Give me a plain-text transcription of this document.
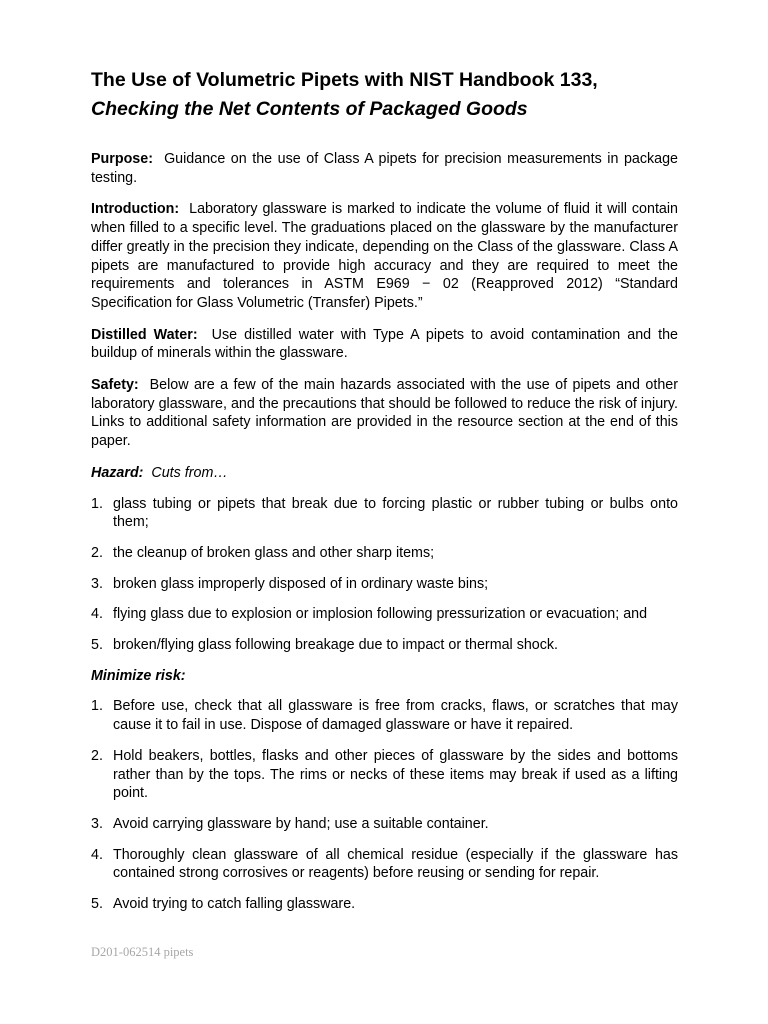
The Use of Volumetric Pipets with NIST Handbook 133,
Checking the Net Contents of Packaged Goods

Purpose: Guidance on the use of Class A pipets for precision measurements in package testing.

Introduction: Laboratory glassware is marked to indicate the volume of fluid it will contain when filled to a specific level. The graduations placed on the glassware by the manufacturer differ greatly in the precision they indicate, depending on the Class of the glassware. Class A pipets are manufactured to provide high accuracy and they are required to meet the requirements and tolerances in ASTM E969 − 02 (Reapproved 2012) “Standard Specification for Glass Volumetric (Transfer) Pipets.”

Distilled Water: Use distilled water with Type A pipets to avoid contamination and the buildup of minerals within the glassware.

Safety: Below are a few of the main hazards associated with the use of pipets and other laboratory glassware, and the precautions that should be followed to reduce the risk of injury. Links to additional safety information are provided in the resource section at the end of this paper.

Hazard: Cuts from…

1. glass tubing or pipets that break due to forcing plastic or rubber tubing or bulbs onto them;
2. the cleanup of broken glass and other sharp items;
3. broken glass improperly disposed of in ordinary waste bins;
4. flying glass due to explosion or implosion following pressurization or evacuation; and
5. broken/flying glass following breakage due to impact or thermal shock.

Minimize risk:

1. Before use, check that all glassware is free from cracks, flaws, or scratches that may cause it to fail in use. Dispose of damaged glassware or have it repaired.
2. Hold beakers, bottles, flasks and other pieces of glassware by the sides and bottoms rather than by the tops. The rims or necks of these items may break if used as a lifting point.
3. Avoid carrying glassware by hand; use a suitable container.
4. Thoroughly clean glassware of all chemical residue (especially if the glassware has contained strong corrosives or reagents) before reusing or sending for repair.
5. Avoid trying to catch falling glassware.
D201-062514 pipets
